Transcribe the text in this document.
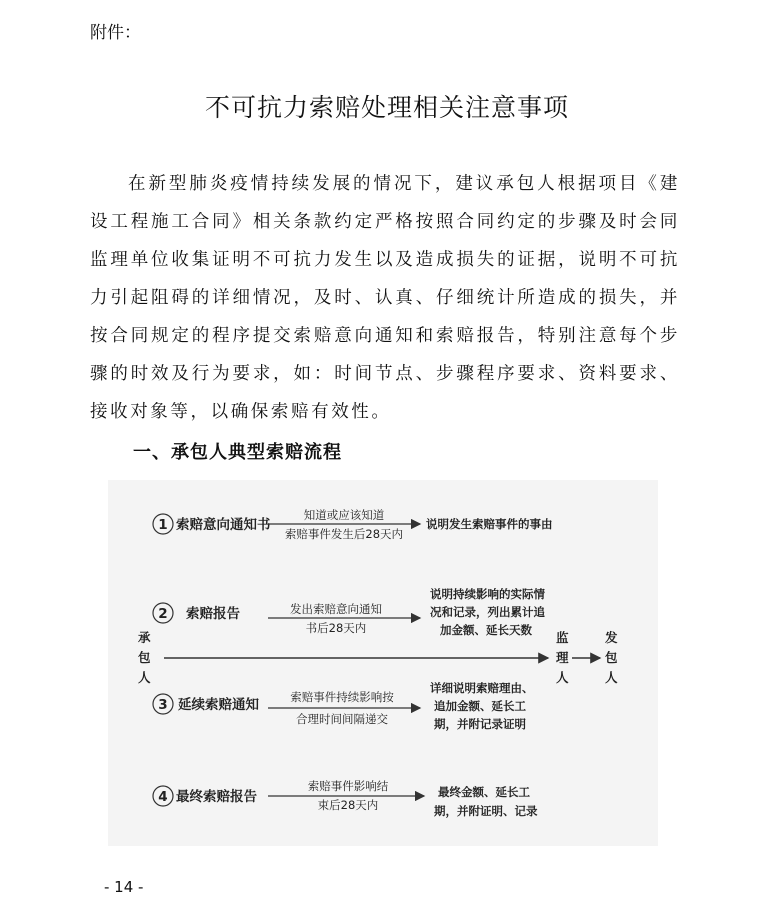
附件：
不可抗力索赔处理相关注意事项

在新型肺炎疫情持续发展的情况下，建议承包人根据项目《建设工程施工合同》相关条款约定严格按照合同约定的步骤及时会同监理单位收集证明不可抗力发生以及造成损失的证据，说明不可抗力引起阻碍的详细情况，及时、认真、仔细统计所造成的损失，并按合同规定的程序提交索赔意向通知和索赔报告，特别注意每个步骤的时效及行为要求，如：时间节点、步骤程序要求、资料要求、接收对象等，以确保索赔有效性。

一、承包人典型索赔流程
承
包
人
监
理
人
发
包
人
1 索赔意向通知书
知道或应该知道
索赔事件发生后28天内
说明发生索赔事件的事由
2 索赔报告	发出索赔意向通知
书后28天内
说明持续影响的实际情
况和记录，列出累计追
加金额、延长天数
3 延续索赔通知	索赔事件持续影响按
合理时间间隔递交
详细说明索赔理由、
追加金额、延长工
期，并附记录证明
4 最终索赔报告
索赔事件影响结
束后28天内
最终金额、延长工
期，并附证明、记录
- 14 -
